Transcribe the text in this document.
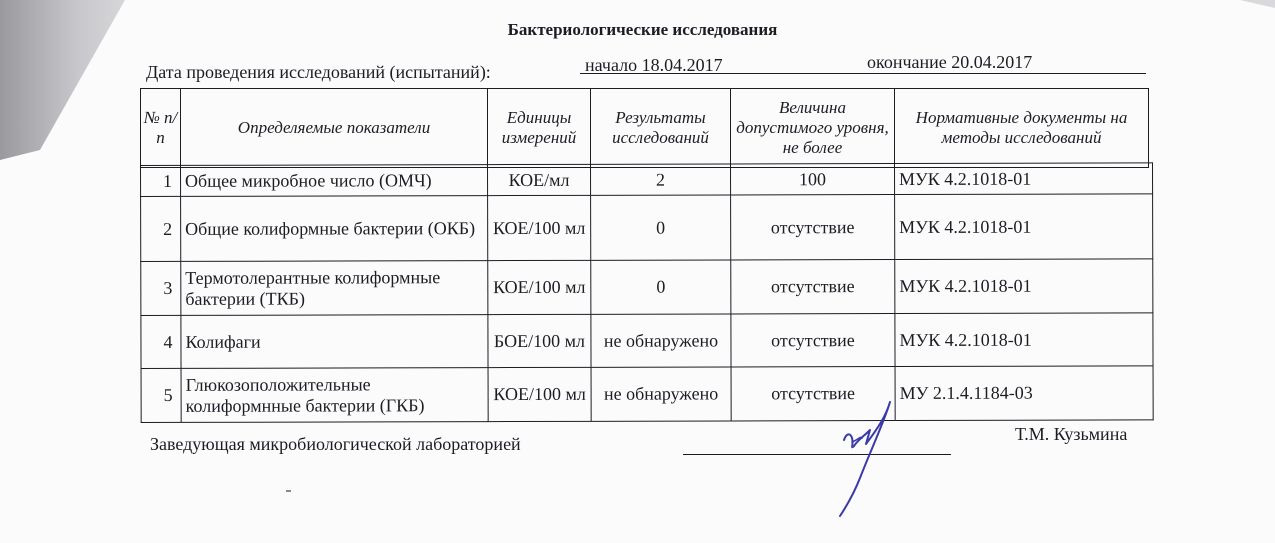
Бактериологические исследования
Дата проведения исследований (испытаний):	начало 18.04.2017	окончание 20.04.2017
№ п/п	Определяемые показатели	Единицы измерений	Результаты исследований	Величина допустимого уровня, не более	Нормативные документы на методы исследований
1	Общее микробное число (ОМЧ)	КОЕ/мл	2	100	МУК 4.2.1018-01
2	Общие колиформные бактерии (ОКБ)	КОЕ/100 мл	0	отсутствие	МУК 4.2.1018-01
3	Термотолерантные колиформные бактерии (ТКБ)	КОЕ/100 мл	0	отсутствие	МУК 4.2.1018-01
4	Колифаги	БОЕ/100 мл	не обнаружено	отсутствие	МУК 4.2.1018-01
5	Глюкозоположительные колиформнные бактерии (ГКБ)	КОЕ/100 мл	не обнаружено	отсутствие	МУ 2.1.4.1184-03
Заведующая микробиологической лабораторией	Т.М. Кузьмина
